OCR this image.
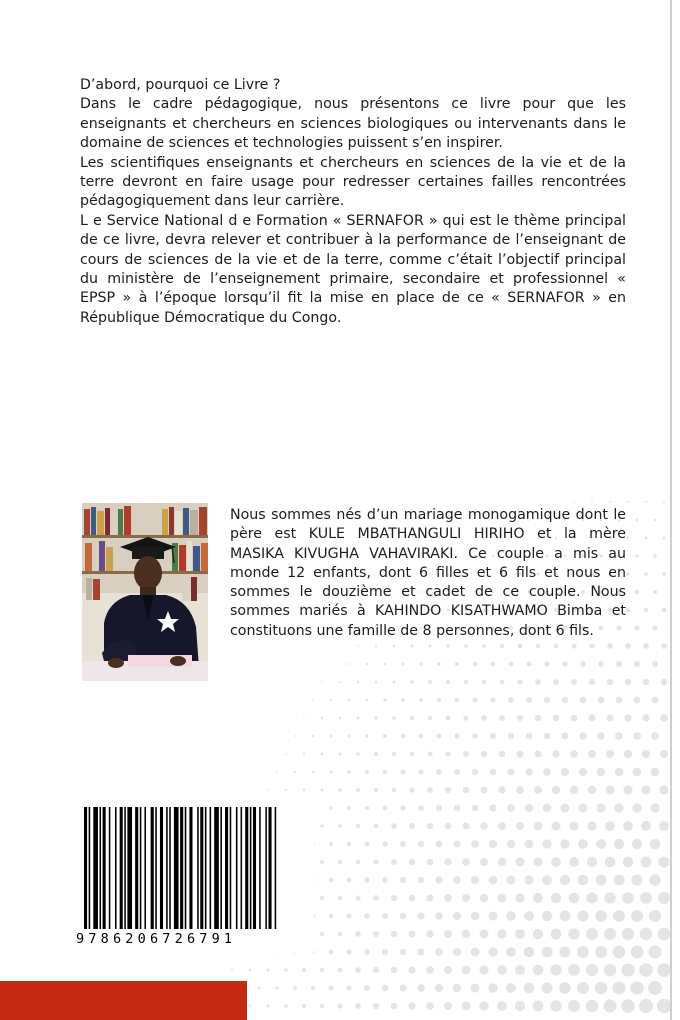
D’abord, pourquoi ce Livre ?

Dans le cadre pédagogique, nous présentons ce livre pour que les enseignants et chercheurs en sciences biologiques ou intervenants dans le domaine de sciences et technologies puissent s’en inspirer.

Les scientifiques enseignants et chercheurs en sciences de la vie et de la terre devront en faire usage pour redresser certaines failles rencontrées pédagogiquement dans leur carrière.

L e Service National d e Formation « SERNAFOR » qui est le thème principal de ce livre, devra relever et contribuer à la performance de l’enseignant de cours de sciences de la vie et de la terre, comme c’était l’objectif principal du ministère de l’enseignement primaire, secondaire et professionnel « EPSP » à l’époque lorsqu’il fit la mise en place de ce « SERNAFOR » en République Démocratique du Congo.

Nous sommes nés d’un mariage monogamique dont le père est KULE MBATHANGULI HIRIHO et la mère MASIKA KIVUGHA VAHAVIRAKI. Ce couple a mis au monde 12 enfants, dont 6 filles et 6 fils et nous en sommes le douzième et cadet de ce couple. Nous sommes mariés à KAHINDO KISATHWAMO Bimba et constituons une famille de 8 personnes, dont 6 fils.

9786206726791
